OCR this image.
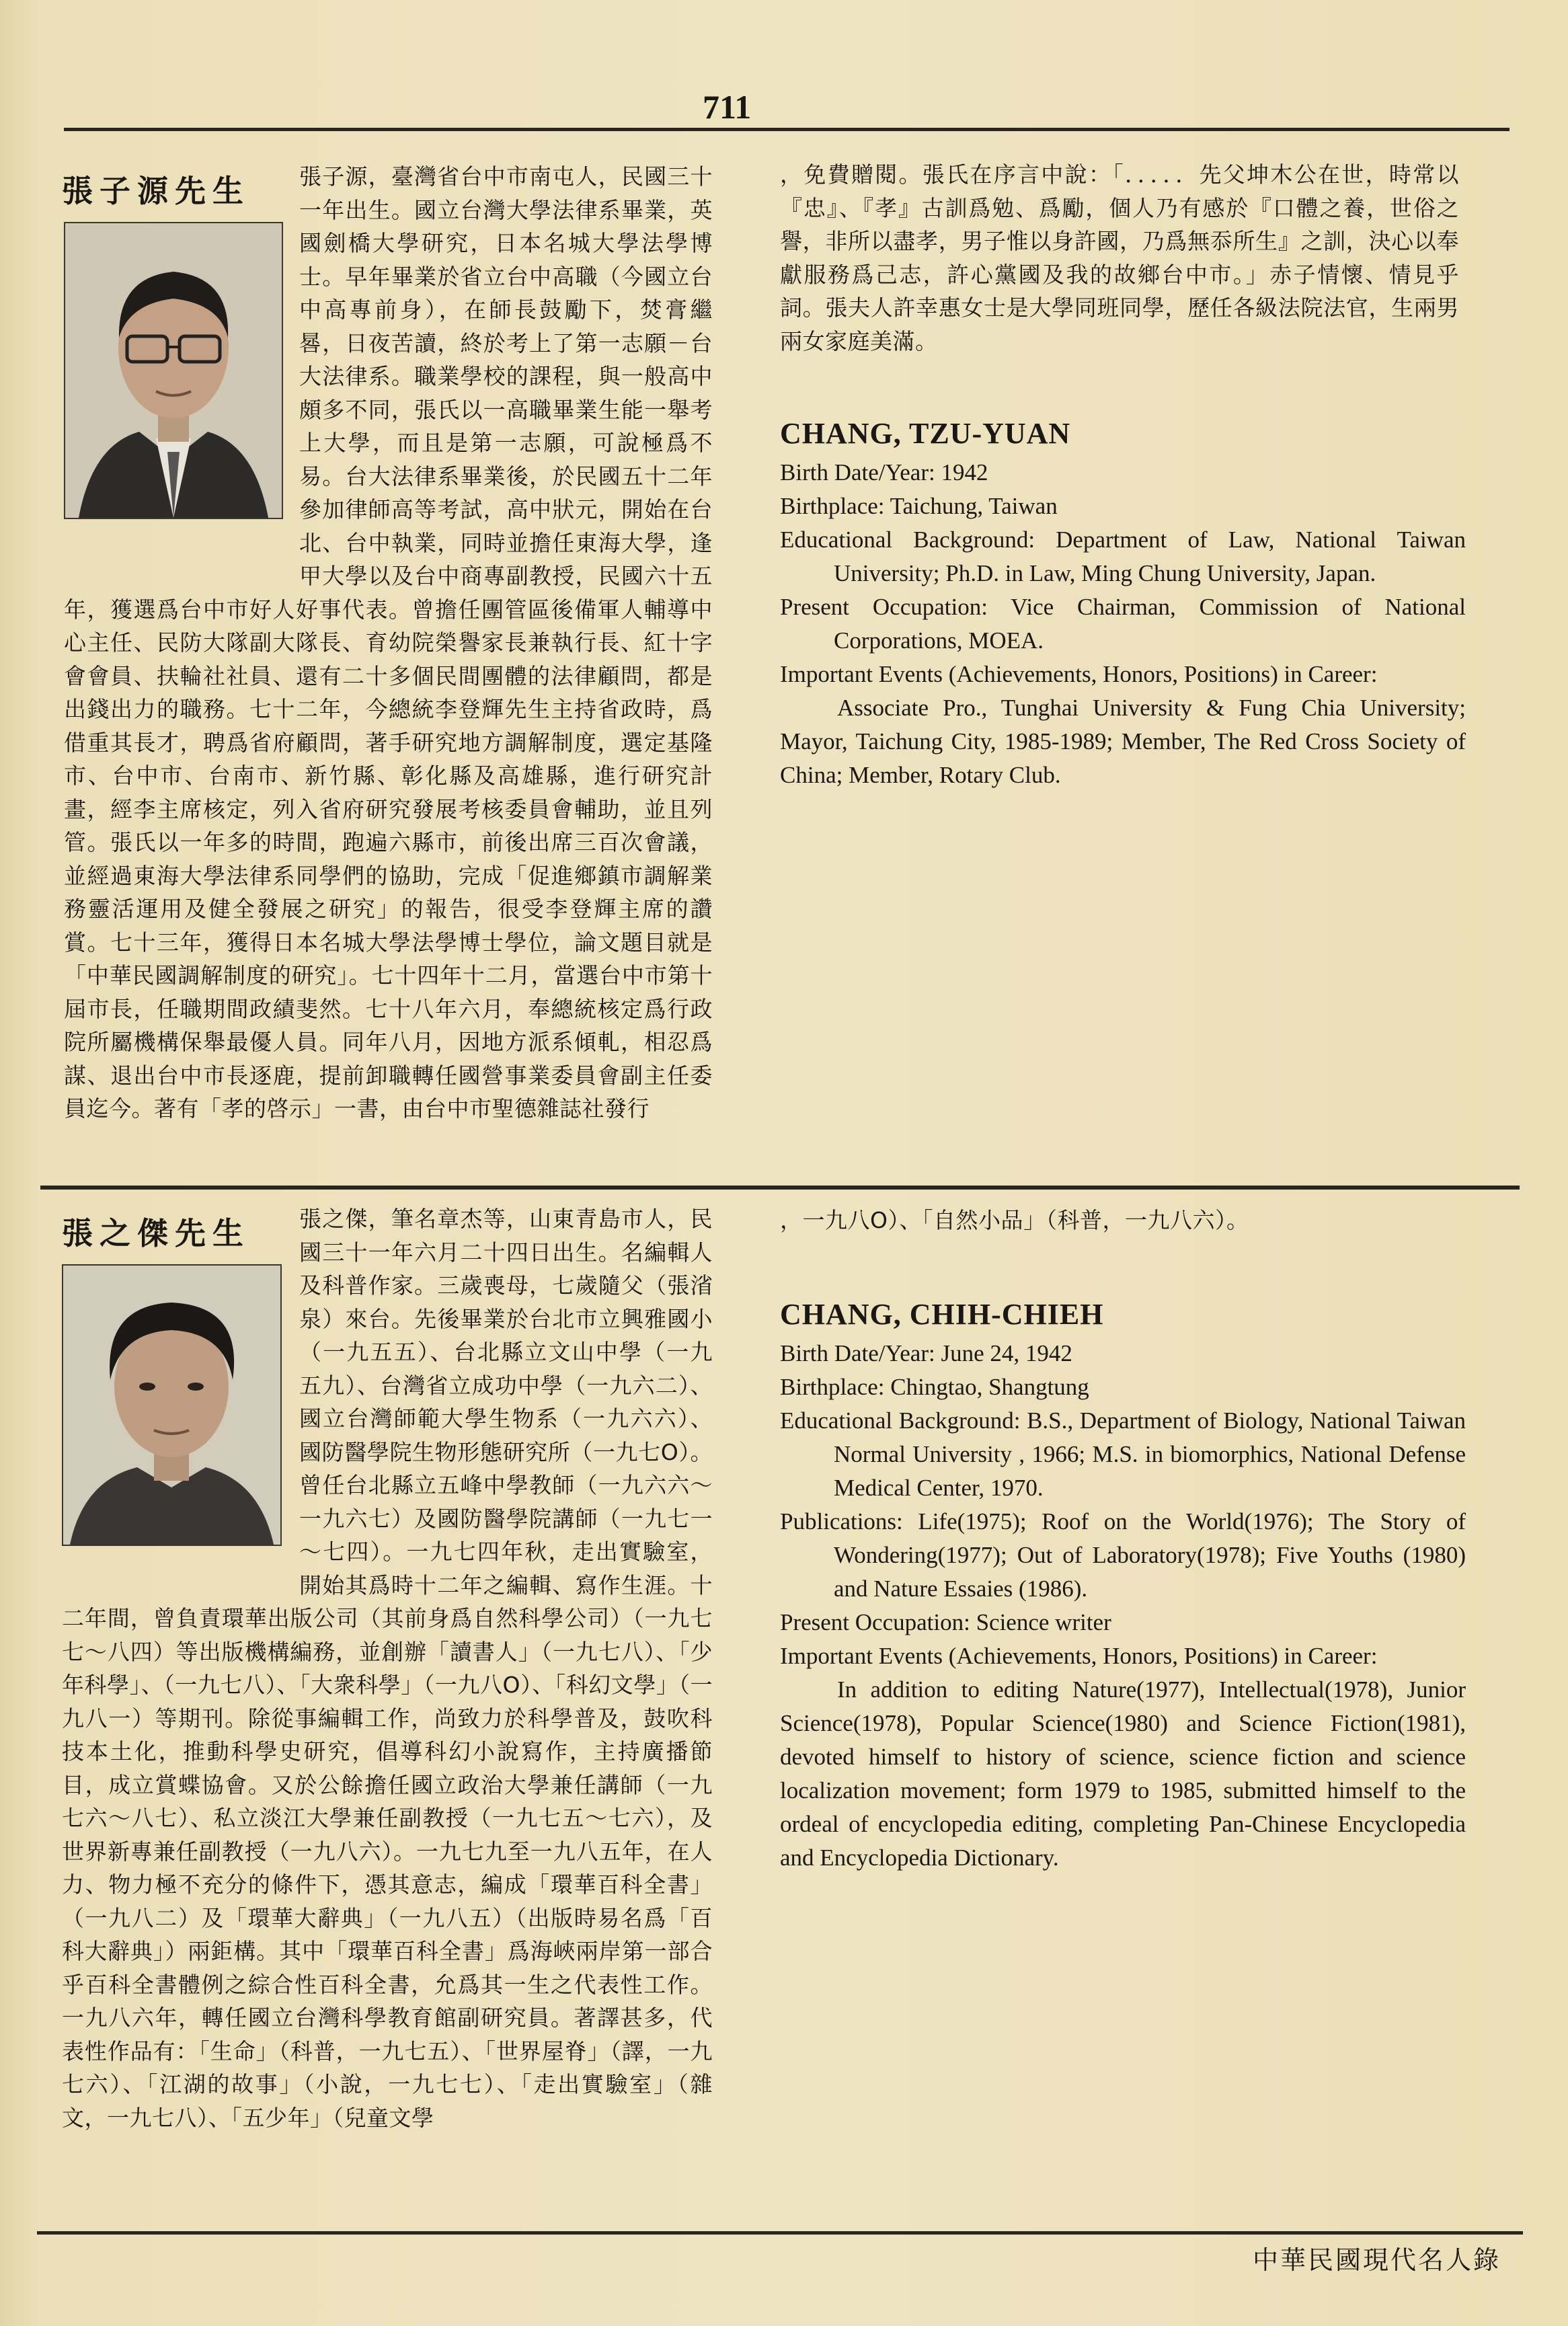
711
張子源先生	張子源，臺灣省台中市南屯人，民國三十一年出生。國立台灣大學法律系畢業，英國劍橋大學研究，日本名城大學法學博士。早年畢業於省立台中高職（今國立台中高專前身），在師長鼓勵下，焚膏繼晷，日夜苦讀，終於考上了第一志願－台大法律系。職業學校的課程，與一般高中頗多不同，張氏以一高職畢業生能一舉考上大學，而且是第一志願，可說極爲不易。台大法律系畢業後，於民國五十二年參加律師高等考試，高中狀元，開始在台北、台中執業，同時並擔任東海大學，逢甲大學以及台中商專副教授，民國六十五年，獲選爲台中市好人好事代表。曾擔任團管區後備軍人輔導中心主任、民防大隊副大隊長、育幼院榮譽家長兼執行長、紅十字會會員、扶輪社社員、還有二十多個民間團體的法律顧問，都是出錢出力的職務。七十二年，今總統李登輝先生主持省政時，爲借重其長才，聘爲省府顧問，著手研究地方調解制度，選定基隆市、台中市、台南市、新竹縣、彰化縣及高雄縣，進行研究計畫，經李主席核定，列入省府研究發展考核委員會輔助，並且列管。張氏以一年多的時間，跑遍六縣市，前後出席三百次會議，並經過東海大學法律系同學們的協助，完成「促進鄉鎮市調解業務靈活運用及健全發展之研究」的報告，很受李登輝主席的讚賞。七十三年，獲得日本名城大學法學博士學位，論文題目就是「中華民國調解制度的研究」。七十四年十二月，當選台中市第十屆市長，任職期間政績斐然。七十八年六月，奉總統核定爲行政院所屬機構保舉最優人員。同年八月，因地方派系傾軋，相忍爲謀、退出台中市長逐鹿，提前卸職轉任國營事業委員會副主任委員迄今。著有「孝的啓示」一書，由台中市聖德雜誌社發行
，免費贈閱。張氏在序言中說：「．．．．．先父坤木公在世，時常以『忠』、『孝』古訓爲勉、爲勵，個人乃有感於『口體之養，世俗之譽，非所以盡孝，男子惟以身許國，乃爲無忝所生』之訓，決心以奉獻服務爲己志，許心黨國及我的故鄉台中市。」赤子情懷、情見乎詞。張夫人許幸惠女士是大學同班同學，歷任各級法院法官，生兩男兩女家庭美滿。
CHANG, TZU-YUAN
Birth Date/Year: 1942
Birthplace: Taichung, Taiwan
Educational Background: Department of Law, National Taiwan University; Ph.D. in Law, Ming Chung University, Japan.
Present Occupation: Vice Chairman, Commission of National Corporations, MOEA.
Important Events (Achievements, Honors, Positions) in Career:
Associate Pro., Tunghai University & Fung Chia University; Mayor, Taichung City, 1985-1989; Member, The Red Cross Society of China; Member, Rotary Club.
張之傑先生	張之傑，筆名章杰等，山東青島市人，民國三十一年六月二十四日出生。名編輯人及科普作家。三歲喪母，七歲隨父（張渻泉）來台。先後畢業於台北市立興雅國小（一九五五）、台北縣立文山中學（一九五九）、台灣省立成功中學（一九六二）、國立台灣師範大學生物系（一九六六）、國防醫學院生物形態研究所（一九七O）。曾任台北縣立五峰中學教師（一九六六～一九六七）及國防醫學院講師（一九七一～七四）。一九七四年秋，走出實驗室，開始其爲時十二年之編輯、寫作生涯。十二年間，曾負責環華出版公司（其前身爲自然科學公司）（一九七七～八四）等出版機構編務，並創辦「讀書人」（一九七八）、「少年科學」、（一九七八）、「大衆科學」（一九八O）、「科幻文學」（一九八一）等期刊。除從事編輯工作，尚致力於科學普及，鼓吹科技本土化，推動科學史研究，倡導科幻小說寫作，主持廣播節目，成立賞蝶協會。又於公餘擔任國立政治大學兼任講師（一九七六～八七）、私立淡江大學兼任副教授（一九七五～七六），及世界新專兼任副教授（一九八六）。一九七九至一九八五年，在人力、物力極不充分的條件下，憑其意志，編成「環華百科全書」（一九八二）及「環華大辭典」（一九八五）（出版時易名爲「百科大辭典」）兩鉅構。其中「環華百科全書」爲海峽兩岸第一部合乎百科全書體例之綜合性百科全書，允爲其一生之代表性工作。一九八六年，轉任國立台灣科學教育館副研究員。著譯甚多，代表性作品有：「生命」（科普，一九七五）、「世界屋脊」（譯，一九七六）、「江湖的故事」（小說，一九七七）、「走出實驗室」（雜文，一九七八）、「五少年」（兒童文學
，一九八O）、「自然小品」（科普，一九八六）。
CHANG, CHIH-CHIEH
Birth Date/Year: June 24, 1942
Birthplace: Chingtao, Shangtung
Educational Background: B.S., Department of Biology, National Taiwan Normal University , 1966; M.S. in biomorphics, National Defense Medical Center, 1970.
Publications: Life(1975); Roof on the World(1976); The Story of Wondering(1977); Out of Laboratory(1978); Five Youths (1980) and Nature Essaies (1986).
Present Occupation: Science writer
Important Events (Achievements, Honors, Positions) in Career:
In addition to editing Nature(1977), Intellectual(1978), Junior Science(1978), Popular Science(1980) and Science Fiction(1981), devoted himself to history of science, science fiction and science localization movement; form 1979 to 1985, submitted himself to the ordeal of encyclopedia editing, completing Pan-Chinese Encyclopedia and Encyclopedia Dictionary.
中華民國現代名人錄
